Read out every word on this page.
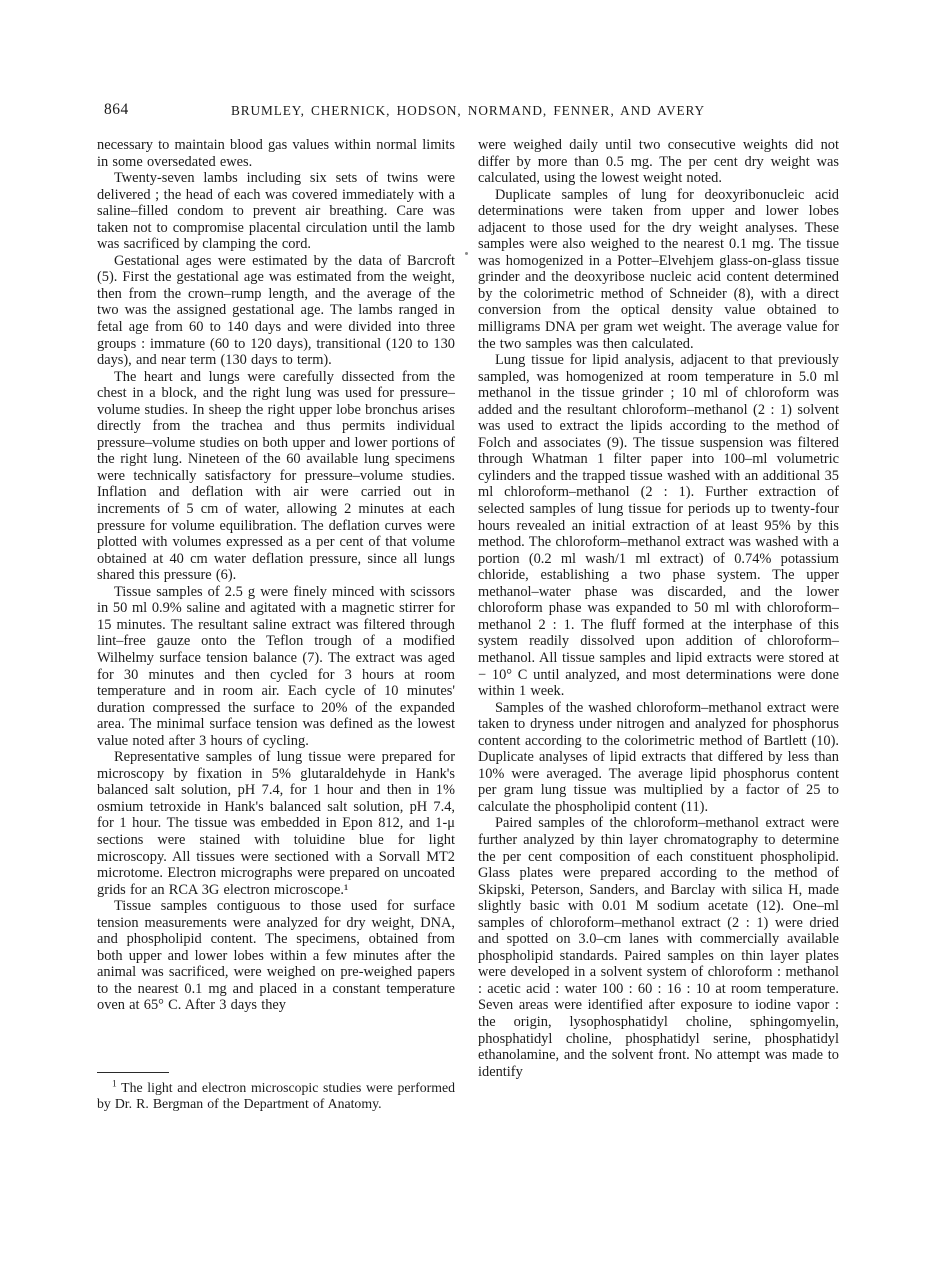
864	BRUMLEY, CHERNICK, HODSON, NORMAND, FENNER, AND AVERY

necessary to maintain blood gas values within normal limits in some oversedated ewes.

Twenty-seven lambs including six sets of twins were delivered ; the head of each was covered immediately with a saline–filled condom to prevent air breathing. Care was taken not to compromise placental circulation until the lamb was sacrificed by clamping the cord.

Gestational ages were estimated by the data of Barcroft (5). First the gestational age was estimated from the weight, then from the crown–rump length, and the average of the two was the assigned gestational age. The lambs ranged in fetal age from 60 to 140 days and were divided into three groups : immature (60 to 120 days), transitional (120 to 130 days), and near term (130 days to term).

The heart and lungs were carefully dissected from the chest in a block, and the right lung was used for pressure–volume studies. In sheep the right upper lobe bronchus arises directly from the trachea and thus permits individual pressure–volume studies on both upper and lower portions of the right lung. Nineteen of the 60 available lung specimens were technically satisfactory for pressure–volume studies. Inflation and deflation with air were carried out in increments of 5 cm of water, allowing 2 minutes at each pressure for volume equilibration. The deflation curves were plotted with volumes expressed as a per cent of that volume obtained at 40 cm water deflation pressure, since all lungs shared this pressure (6).

Tissue samples of 2.5 g were finely minced with scissors in 50 ml 0.9% saline and agitated with a magnetic stirrer for 15 minutes. The resultant saline extract was filtered through lint–free gauze onto the Teflon trough of a modified Wilhelmy surface tension balance (7). The extract was aged for 30 minutes and then cycled for 3 hours at room temperature and in room air. Each cycle of 10 minutes' duration compressed the surface to 20% of the expanded area. The minimal surface tension was defined as the lowest value noted after 3 hours of cycling.

Representative samples of lung tissue were prepared for microscopy by fixation in 5% glutaraldehyde in Hank's balanced salt solution, pH 7.4, for 1 hour and then in 1% osmium tetroxide in Hank's balanced salt solution, pH 7.4, for 1 hour. The tissue was embedded in Epon 812, and 1-μ sections were stained with toluidine blue for light microscopy. All tissues were sectioned with a Sorvall MT2 microtome. Electron micrographs were prepared on uncoated grids for an RCA 3G electron microscope.¹

Tissue samples contiguous to those used for surface tension measurements were analyzed for dry weight, DNA, and phospholipid content. The specimens, obtained from both upper and lower lobes within a few minutes after the animal was sacrificed, were weighed on pre-weighed papers to the nearest 0.1 mg and placed in a constant temperature oven at 65° C. After 3 days they

$^1$ The light and electron microscopic studies were performed by Dr. R. Bergman of the Department of Anatomy.

were weighed daily until two consecutive weights did not differ by more than 0.5 mg. The per cent dry weight was calculated, using the lowest weight noted.

Duplicate samples of lung for deoxyribonucleic acid determinations were taken from upper and lower lobes adjacent to those used for the dry weight analyses. These samples were also weighed to the nearest 0.1 mg. The tissue was homogenized in a Potter–Elvehjem glass-on-glass tissue grinder and the deoxyribose nucleic acid content determined by the colorimetric method of Schneider (8), with a direct conversion from the optical density value obtained to milligrams DNA per gram wet weight. The average value for the two samples was then calculated.

Lung tissue for lipid analysis, adjacent to that previously sampled, was homogenized at room temperature in 5.0 ml methanol in the tissue grinder ; 10 ml of chloroform was added and the resultant chloroform–methanol (2 : 1) solvent was used to extract the lipids according to the method of Folch and associates (9). The tissue suspension was filtered through Whatman 1 filter paper into 100–ml volumetric cylinders and the trapped tissue washed with an additional 35 ml chloroform–methanol (2 : 1). Further extraction of selected samples of lung tissue for periods up to twenty-four hours revealed an initial extraction of at least 95% by this method. The chloroform–methanol extract was washed with a portion (0.2 ml wash/1 ml extract) of 0.74% potassium chloride, establishing a two phase system. The upper methanol–water phase was discarded, and the lower chloroform phase was expanded to 50 ml with chloroform–methanol 2 : 1. The fluff formed at the interphase of this system readily dissolved upon addition of chloroform–methanol. All tissue samples and lipid extracts were stored at − 10° C until analyzed, and most determinations were done within 1 week.

Samples of the washed chloroform–methanol extract were taken to dryness under nitrogen and analyzed for phosphorus content according to the colorimetric method of Bartlett (10). Duplicate analyses of lipid extracts that differed by less than 10% were averaged. The average lipid phosphorus content per gram lung tissue was multiplied by a factor of 25 to calculate the phospholipid content (11).

Paired samples of the chloroform–methanol extract were further analyzed by thin layer chromatography to determine the per cent composition of each constituent phospholipid. Glass plates were prepared according to the method of Skipski, Peterson, Sanders, and Barclay with silica H, made slightly basic with 0.01 M sodium acetate (12). One–ml samples of chloroform–methanol extract (2 : 1) were dried and spotted on 3.0–cm lanes with commercially available phospholipid standards. Paired samples on thin layer plates were developed in a solvent system of chloroform : methanol : acetic acid : water 100 : 60 : 16 : 10 at room temperature. Seven areas were identified after exposure to iodine vapor : the origin, lysophosphatidyl choline, sphingomyelin, phosphatidyl choline, phosphatidyl serine, phosphatidyl ethanolamine, and the solvent front. No attempt was made to identify
